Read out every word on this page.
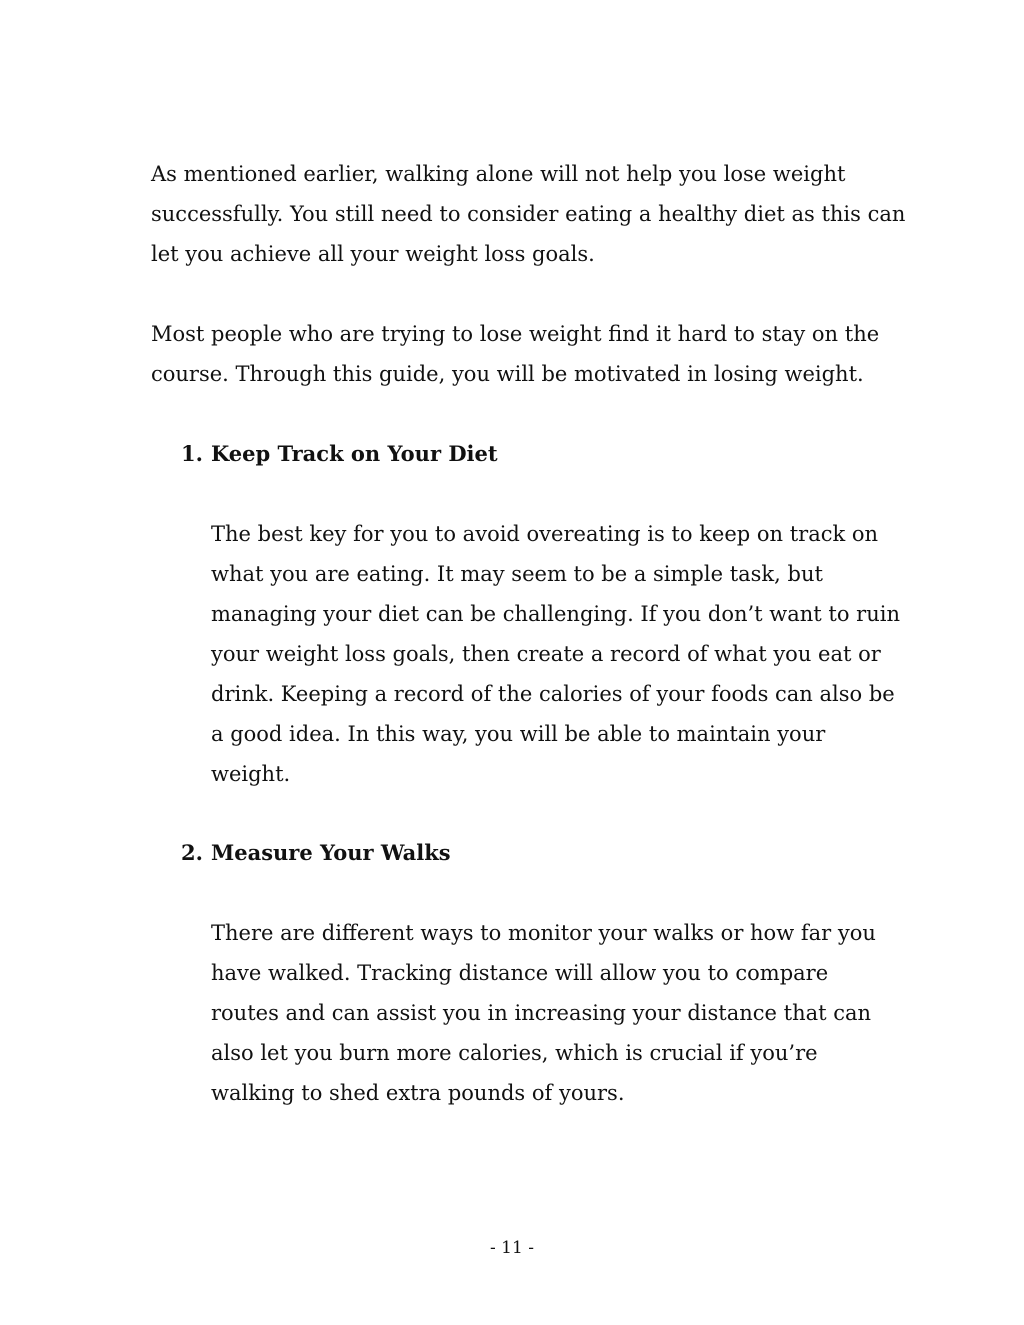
As mentioned earlier, walking alone will not help you lose weight successfully. You still need to consider eating a healthy diet as this can let you achieve all your weight loss goals.

Most people who are trying to lose weight find it hard to stay on the course. Through this guide, you will be motivated in losing weight.

1. Keep Track on Your Diet

The best key for you to avoid overeating is to keep on track on what you are eating. It may seem to be a simple task, but managing your diet can be challenging. If you don’t want to ruin your weight loss goals, then create a record of what you eat or drink. Keeping a record of the calories of your foods can also be a good idea. In this way, you will be able to maintain your weight.

2. Measure Your Walks

There are different ways to monitor your walks or how far you have walked. Tracking distance will allow you to compare routes and can assist you in increasing your distance that can also let you burn more calories, which is crucial if you’re walking to shed extra pounds of yours.

- 11 -
